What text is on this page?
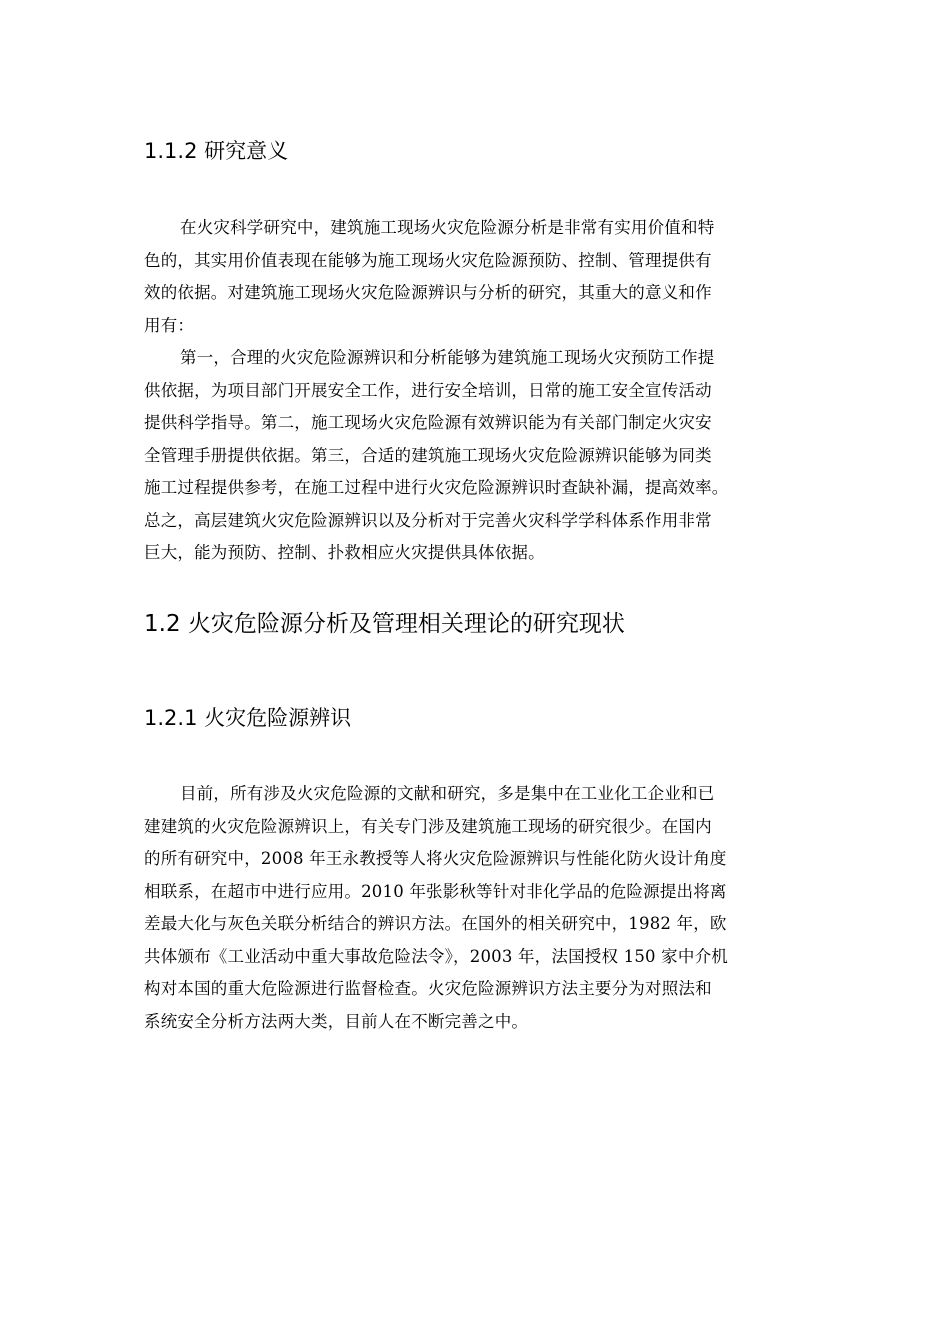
1.1.2 研究意义
在火灾科学研究中，建筑施工现场火灾危险源分析是非常有实用价值和特
色的，其实用价值表现在能够为施工现场火灾危险源预防、控制、管理提供有
效的依据。对建筑施工现场火灾危险源辨识与分析的研究，其重大的意义和作
用有：
第一，合理的火灾危险源辨识和分析能够为建筑施工现场火灾预防工作提
供依据，为项目部门开展安全工作，进行安全培训，日常的施工安全宣传活动
提供科学指导。第二，施工现场火灾危险源有效辨识能为有关部门制定火灾安
全管理手册提供依据。第三，合适的建筑施工现场火灾危险源辨识能够为同类
施工过程提供参考，在施工过程中进行火灾危险源辨识时查缺补漏，提高效率。
总之，高层建筑火灾危险源辨识以及分析对于完善火灾科学学科体系作用非常
巨大，能为预防、控制、扑救相应火灾提供具体依据。
1.2 火灾危险源分析及管理相关理论的研究现状
1.2.1 火灾危险源辨识
目前，所有涉及火灾危险源的文献和研究，多是集中在工业化工企业和已
建建筑的火灾危险源辨识上，有关专门涉及建筑施工现场的研究很少。在国内
的所有研究中，2008 年王永教授等人将火灾危险源辨识与性能化防火设计角度
相联系，在超市中进行应用。2010 年张影秋等针对非化学品的危险源提出将离
差最大化与灰色关联分析结合的辨识方法。在国外的相关研究中，1982 年，欧
共体颁布《工业活动中重大事故危险法令》，2003 年，法国授权 150 家中介机
构对本国的重大危险源进行监督检查。火灾危险源辨识方法主要分为对照法和
系统安全分析方法两大类，目前人在不断完善之中。
